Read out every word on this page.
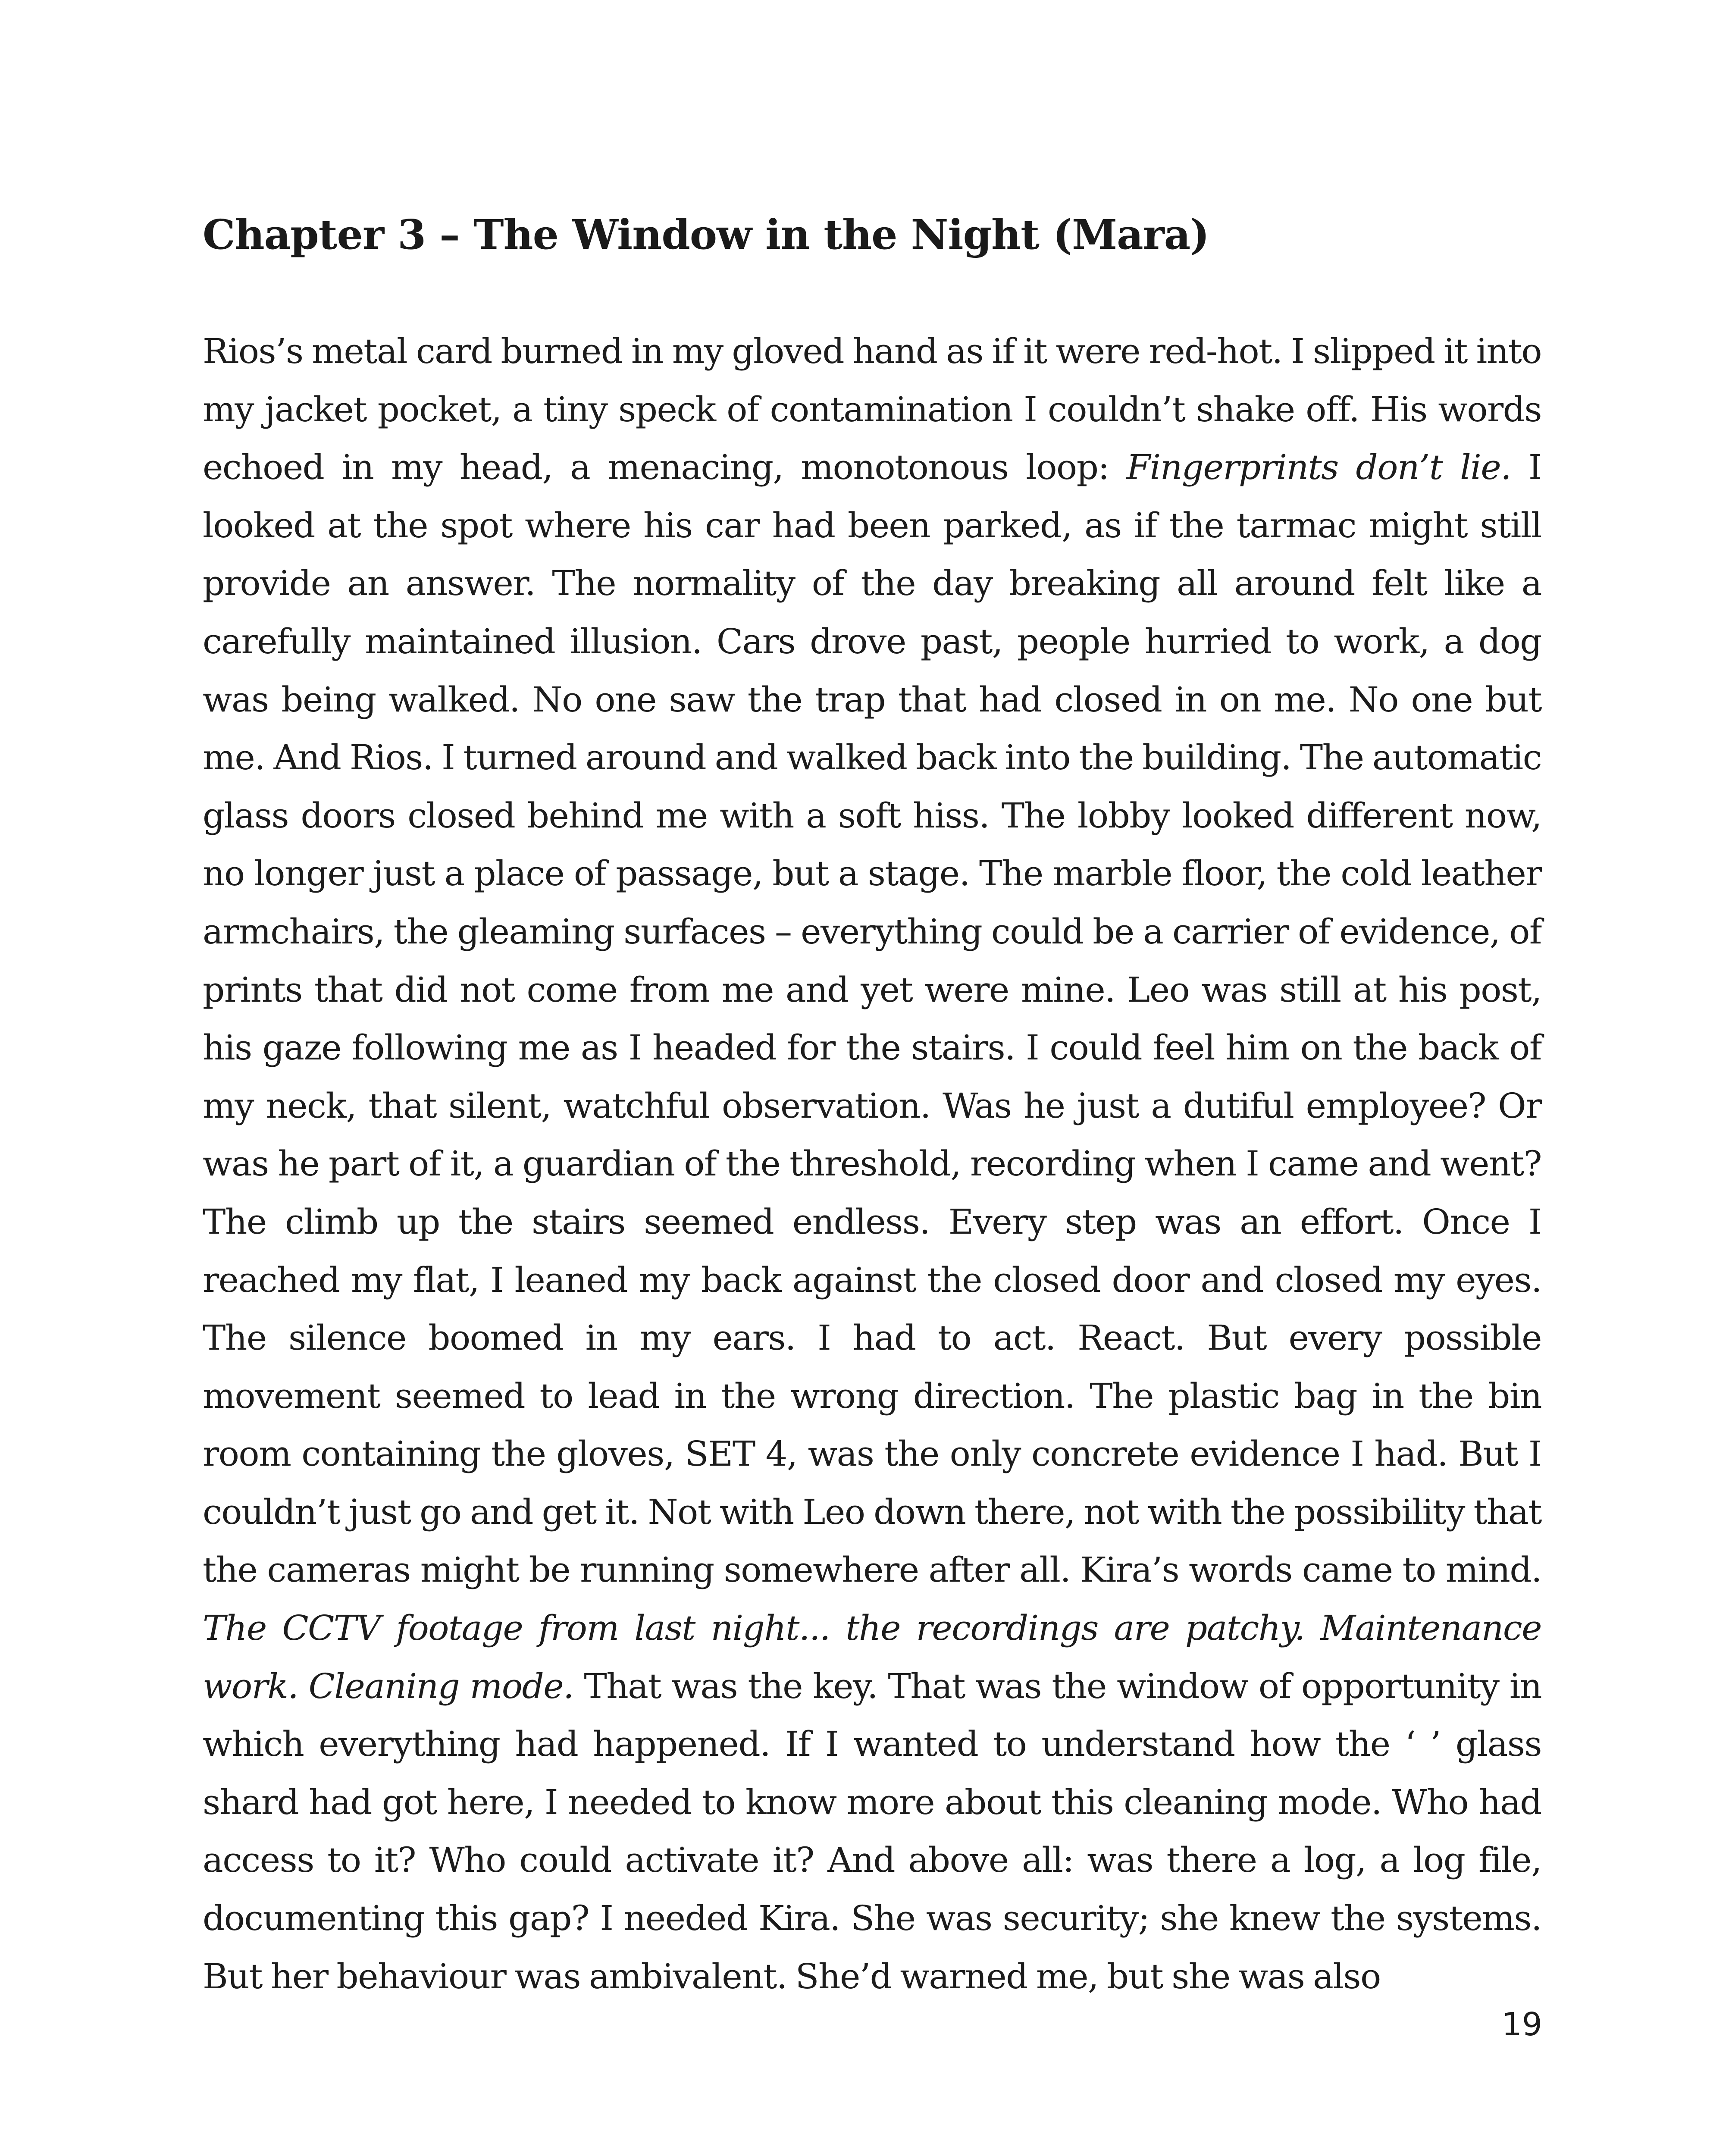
Chapter 3 – The Window in the Night (Mara)

Rios’s metal card burned in my gloved hand as if it were red-hot. I slipped it into my jacket pocket, a tiny speck of contamination I couldn’t shake off. His words echoed in my head, a menacing, monotonous loop: Fingerprints don’t lie. I looked at the spot where his car had been parked, as if the tarmac might still provide an answer. The normality of the day breaking all around felt like a carefully maintained illusion. Cars drove past, people hurried to work, a dog was being walked. No one saw the trap that had closed in on me. No one but me. And Rios. I turned around and walked back into the building. The automatic glass doors closed behind me with a soft hiss. The lobby looked different now, no longer just a place of passage, but a stage. The marble floor, the cold leather armchairs, the gleaming surfaces – everything could be a carrier of evidence, of prints that did not come from me and yet were mine. Leo was still at his post, his gaze following me as I headed for the stairs. I could feel him on the back of my neck, that silent, watchful observation. Was he just a dutiful employee? Or was he part of it, a guardian of the threshold, recording when I came and went? The climb up the stairs seemed endless. Every step was an effort. Once I reached my flat, I leaned my back against the closed door and closed my eyes. The silence boomed in my ears. I had to act. React. But every possible movement seemed to lead in the wrong direction. The plastic bag in the bin room containing the gloves, SET 4, was the only concrete evidence I had. But I couldn’t just go and get it. Not with Leo down there, not with the possibility that the cameras might be running somewhere after all. Kira’s words came to mind. The CCTV footage from last night... the recordings are patchy. Maintenance work. Cleaning mode. That was the key. That was the window of opportunity in which everything had happened. If I wanted to understand how the ‘ ’ glass shard had got here, I needed to know more about this cleaning mode. Who had access to it? Who could activate it? And above all: was there a log, a log file, documenting this gap? I needed Kira. She was security; she knew the systems. But her behaviour was ambivalent. She’d warned me, but she was also

19
